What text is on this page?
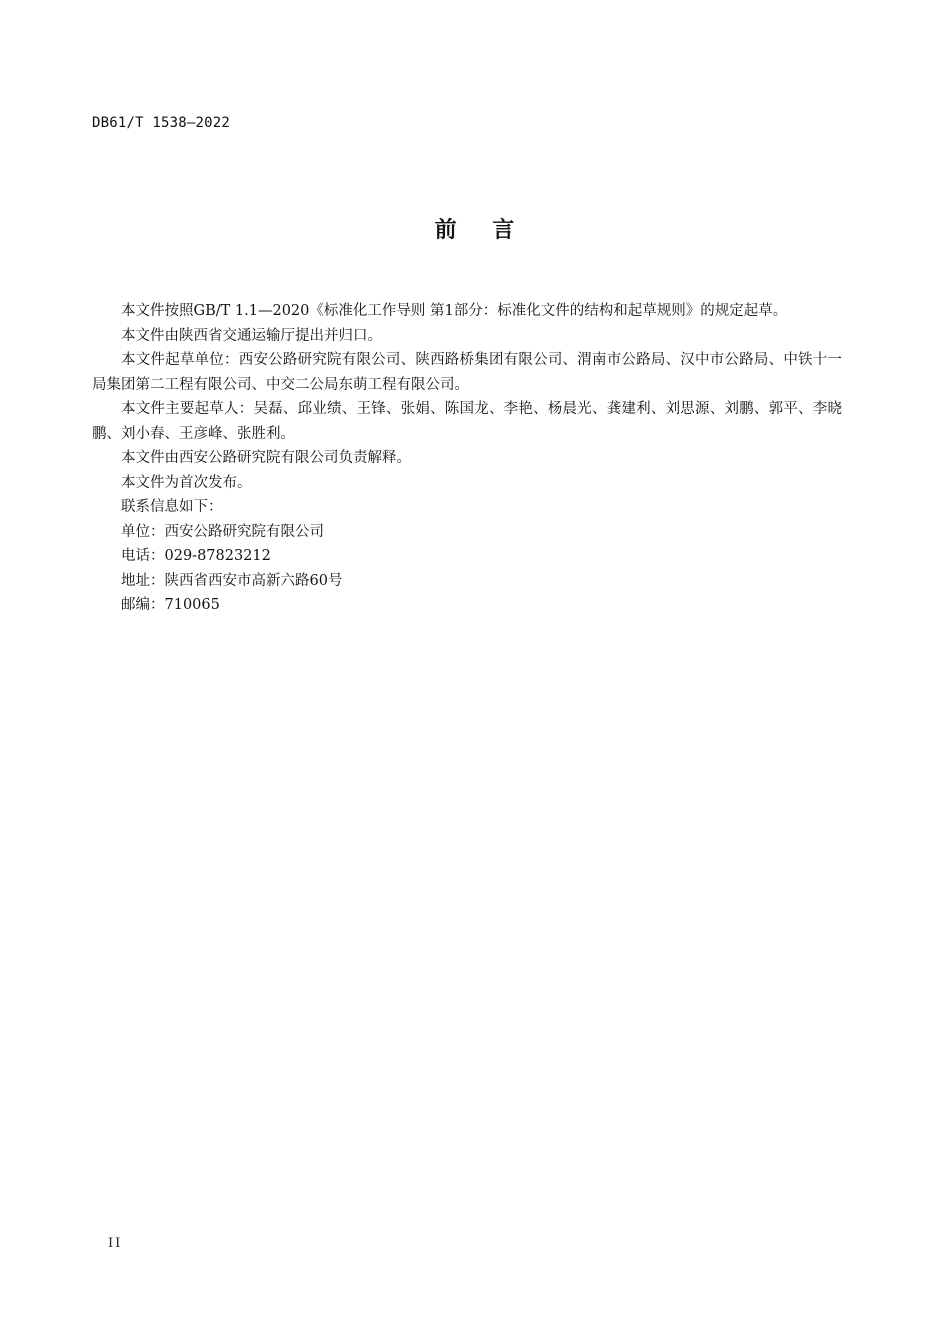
DB61/T 1538—2022
前    言

本文件按照GB/T 1.1—2020《标准化工作导则 第1部分：标准化文件的结构和起草规则》的规定起草。

本文件由陕西省交通运输厅提出并归口。

本文件起草单位：西安公路研究院有限公司、陕西路桥集团有限公司、渭南市公路局、汉中市公路局、中铁十一局集团第二工程有限公司、中交二公局东萌工程有限公司。

本文件主要起草人：吴磊、邱业绩、王锋、张娟、陈国龙、李艳、杨晨光、龚建利、刘思源、刘鹏、郭平、李晓鹏、刘小春、王彦峰、张胜利。

本文件由西安公路研究院有限公司负责解释。

本文件为首次发布。

联系信息如下：

单位：西安公路研究院有限公司

电话：029-87823212

地址：陕西省西安市高新六路60号

邮编：710065

II
